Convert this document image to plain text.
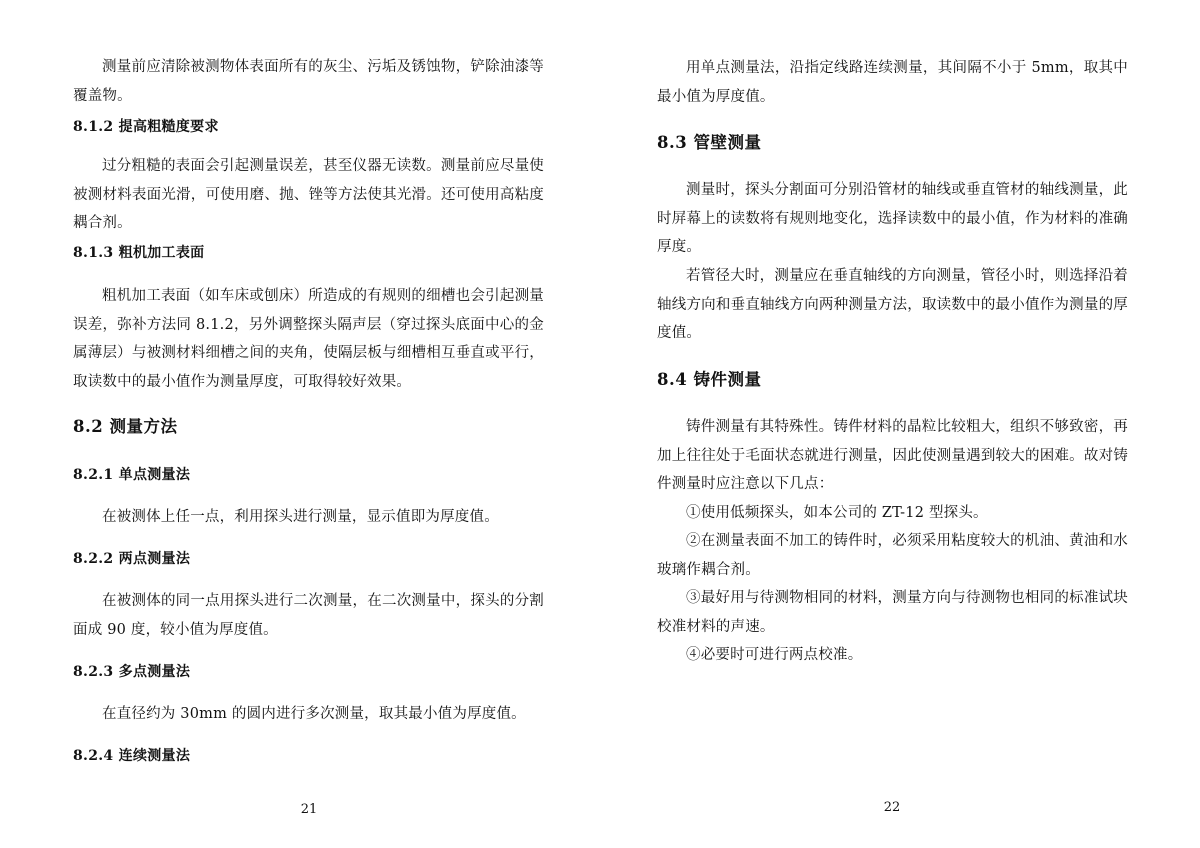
测量前应清除被测物体表面所有的灰尘、污垢及锈蚀物，铲除油漆等覆盖物。

8.1.2 提高粗糙度要求

过分粗糙的表面会引起测量误差，甚至仪器无读数。测量前应尽量使被测材料表面光滑，可使用磨、抛、锉等方法使其光滑。还可使用高粘度耦合剂。

8.1.3 粗机加工表面

粗机加工表面（如车床或刨床）所造成的有规则的细槽也会引起测量误差，弥补方法同 8.1.2，另外调整探头隔声层（穿过探头底面中心的金属薄层）与被测材料细槽之间的夹角，使隔层板与细槽相互垂直或平行，取读数中的最小值作为测量厚度，可取得较好效果。

8.2 测量方法
8.2.1 单点测量法

在被测体上任一点，利用探头进行测量，显示值即为厚度值。

8.2.2 两点测量法

在被测体的同一点用探头进行二次测量，在二次测量中，探头的分割面成 90 度，较小值为厚度值。

8.2.3 多点测量法

在直径约为 30mm 的圆内进行多次测量，取其最小值为厚度值。

8.2.4 连续测量法
21

用单点测量法，沿指定线路连续测量，其间隔不小于 5mm，取其中最小值为厚度值。

8.3 管壁测量

测量时，探头分割面可分别沿管材的轴线或垂直管材的轴线测量，此时屏幕上的读数将有规则地变化，选择读数中的最小值，作为材料的准确厚度。

若管径大时，测量应在垂直轴线的方向测量，管径小时，则选择沿着轴线方向和垂直轴线方向两种测量方法，取读数中的最小值作为测量的厚度值。

8.4 铸件测量

铸件测量有其特殊性。铸件材料的晶粒比较粗大，组织不够致密，再加上往往处于毛面状态就进行测量，因此使测量遇到较大的困难。故对铸件测量时应注意以下几点：

①使用低频探头，如本公司的 ZT-12 型探头。

②在测量表面不加工的铸件时，必须采用粘度较大的机油、黄油和水玻璃作耦合剂。

③最好用与待测物相同的材料，测量方向与待测物也相同的标准试块校准材料的声速。

④必要时可进行两点校准。

22
